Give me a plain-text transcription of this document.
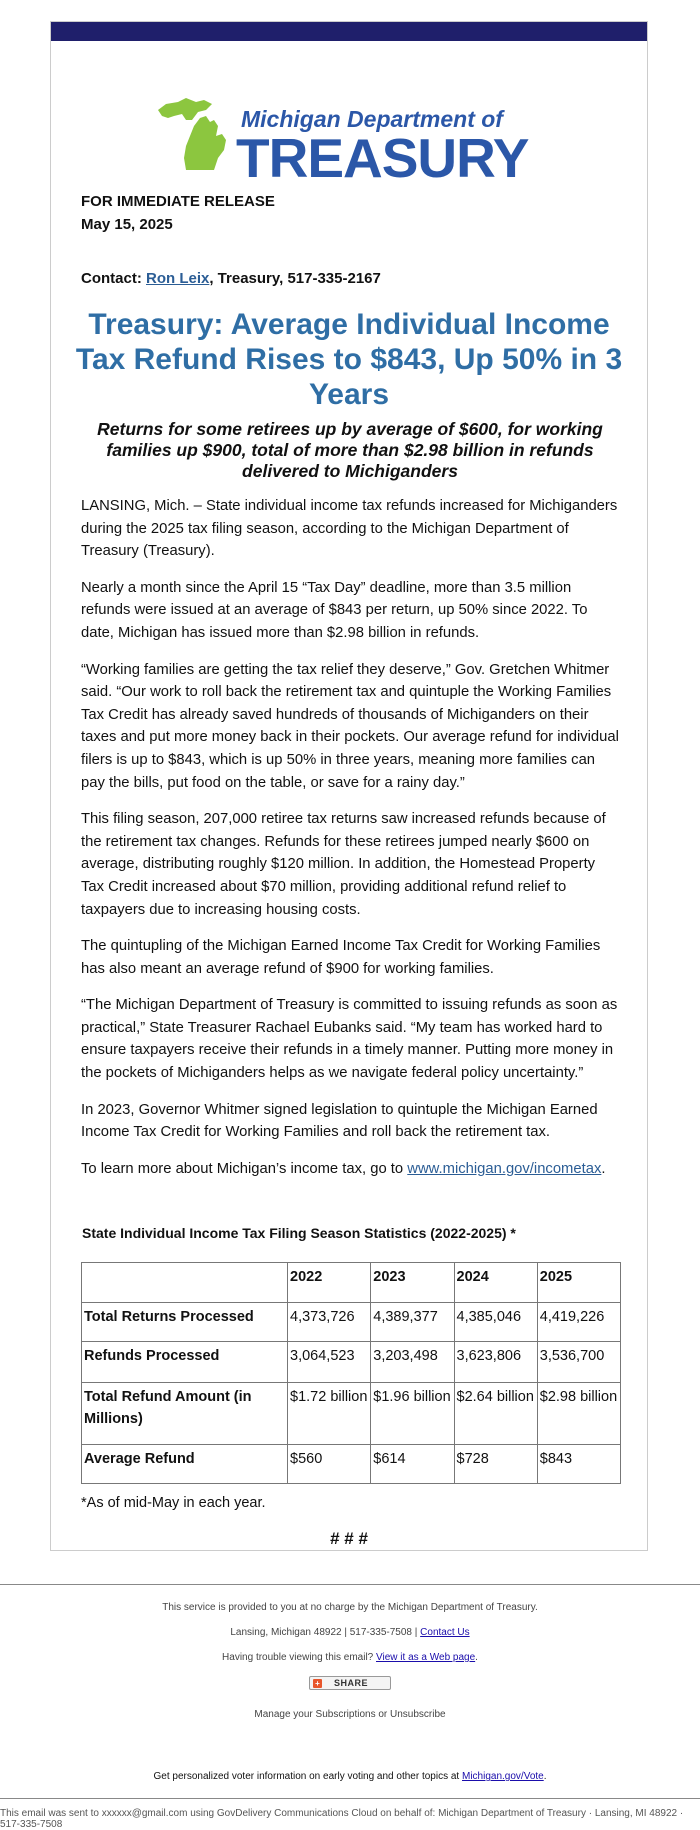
Michigan Department of
TREASURY
FOR IMMEDIATE RELEASE
May 15, 2025
Contact: Ron Leix, Treasury, 517-335-2167
Treasury: Average Individual Income Tax Refund Rises to $843, Up 50% in 3 Years
Returns for some retirees up by average of $600, for working families up $900, total of more than $2.98 billion in refunds delivered to Michiganders

LANSING, Mich. – State individual income tax refunds increased for Michiganders during the 2025 tax filing season, according to the Michigan Department of Treasury (Treasury).

Nearly a month since the April 15 “Tax Day” deadline, more than 3.5 million refunds were issued at an average of $843 per return, up 50% since 2022. To date, Michigan has issued more than $2.98 billion in refunds.

“Working families are getting the tax relief they deserve,” Gov. Gretchen Whitmer said. “Our work to roll back the retirement tax and quintuple the Working Families Tax Credit has already saved hundreds of thousands of Michiganders on their taxes and put more money back in their pockets. Our average refund for individual filers is up to $843, which is up 50% in three years, meaning more families can pay the bills, put food on the table, or save for a rainy day.”

This filing season, 207,000 retiree tax returns saw increased refunds because of the retirement tax changes. Refunds for these retirees jumped nearly $600 on average, distributing roughly $120 million. In addition, the Homestead Property Tax Credit increased about $70 million, providing additional refund relief to taxpayers due to increasing housing costs.

The quintupling of the Michigan Earned Income Tax Credit for Working Families has also meant an average refund of $900 for working families.

“The Michigan Department of Treasury is committed to issuing refunds as soon as practical,” State Treasurer Rachael Eubanks said. “My team has worked hard to ensure taxpayers receive their refunds in a timely manner. Putting more money in the pockets of Michiganders helps as we navigate federal policy uncertainty.”

In 2023, Governor Whitmer signed legislation to quintuple the Michigan Earned Income Tax Credit for Working Families and roll back the retirement tax.

To learn more about Michigan’s income tax, go to www.michigan.gov/incometax.

State Individual Income Tax Filing Season Statistics (2022-2025) *
	2022	2023	2024	2025
Total Returns Processed	4,373,726	4,389,377	4,385,046	4,419,226
Refunds Processed	3,064,523	3,203,498	3,623,806	3,536,700
Total Refund Amount (in Millions)	$1.72 billion	$1.96 billion	$2.64 billion	$2.98 billion
Average Refund	$560	$614	$728	$843
*As of mid-May in each year.
# # #
This service is provided to you at no charge by the Michigan Department of Treasury.
Lansing, Michigan 48922 | 517-335-7508 | Contact Us
Having trouble viewing this email? View it as a Web page.
+ SHARE
Manage your Subscriptions or Unsubscribe
Get personalized voter information on early voting and other topics at Michigan.gov/Vote.
This email was sent to xxxxxx@gmail.com using GovDelivery Communications Cloud on behalf of: Michigan Department of Treasury · Lansing, MI 48922 · 517-335-7508
